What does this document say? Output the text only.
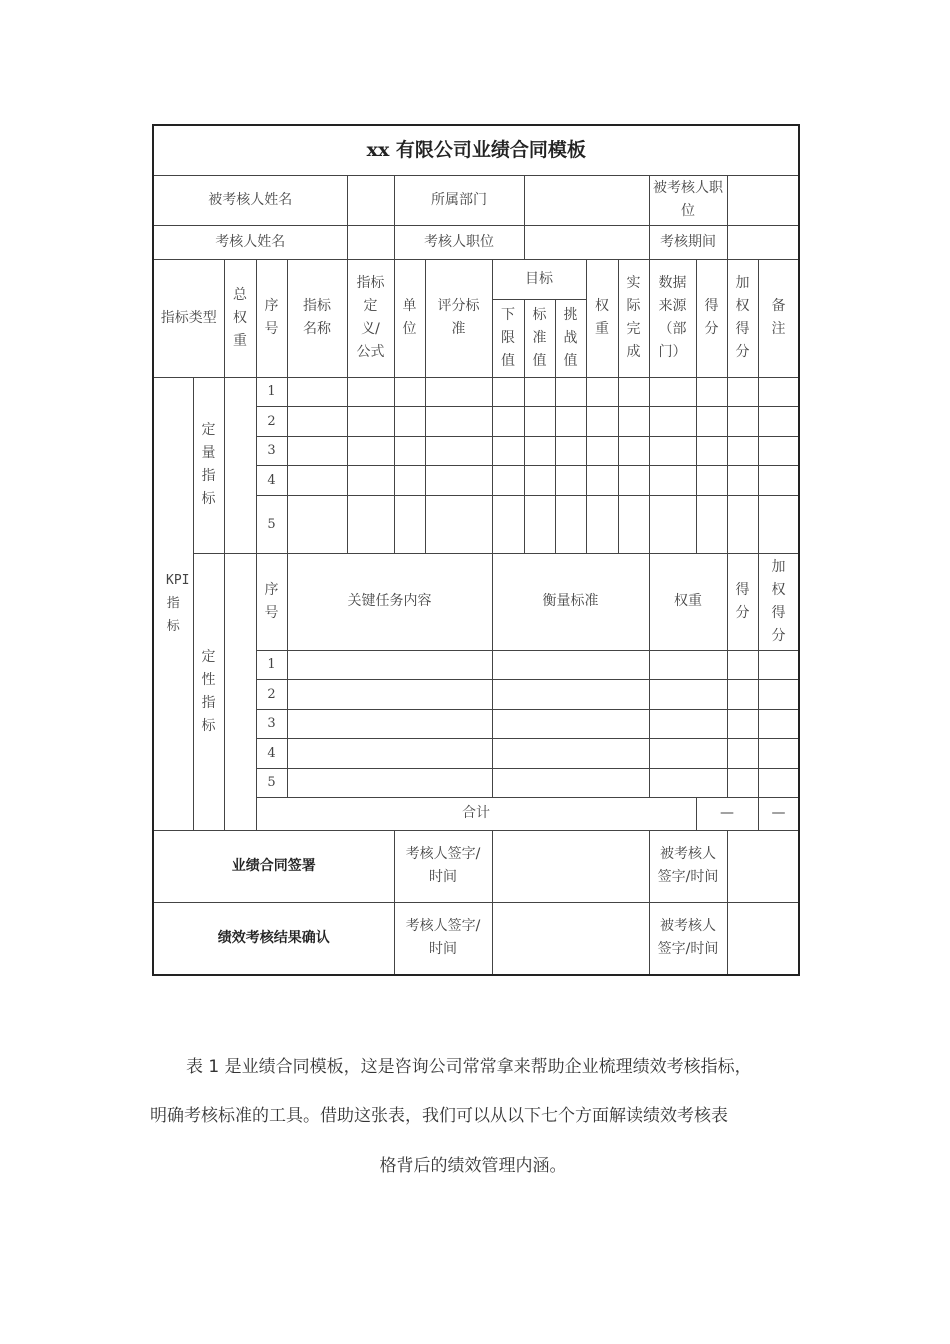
xx 有限公司业绩合同模板																	
被考核人姓名						所属部门							被考核人职位				
考核人姓名						考核人职位							考核期间				
指标类型		总权重	序号	指标名称	指标定义/公式	单位	评分标准	目标			权重	实际完成	数据来源（部门）	得分	加权得分	备注	
								下限值	标准值	挑战值							
KPI指标	定量指标		1														
			2														
			3														
			4														
			5														
	定性指标		序号	关键任务内容				衡量标准					权重		得分	加权得分	
			1														
			2														
			3														
			4														
			5														
			合计											—		—			
业绩合同签署						考核人签字/时间							被考核人签字/时间				
绩效考核结果确认						考核人签字/时间							被考核人签字/时间				

表 1 是业绩合同模板，这是咨询公司常常拿来帮助企业梳理绩效考核指标，

明确考核标准的工具。借助这张表，我们可以从以下七个方面解读绩效考核表

格背后的绩效管理内涵。
